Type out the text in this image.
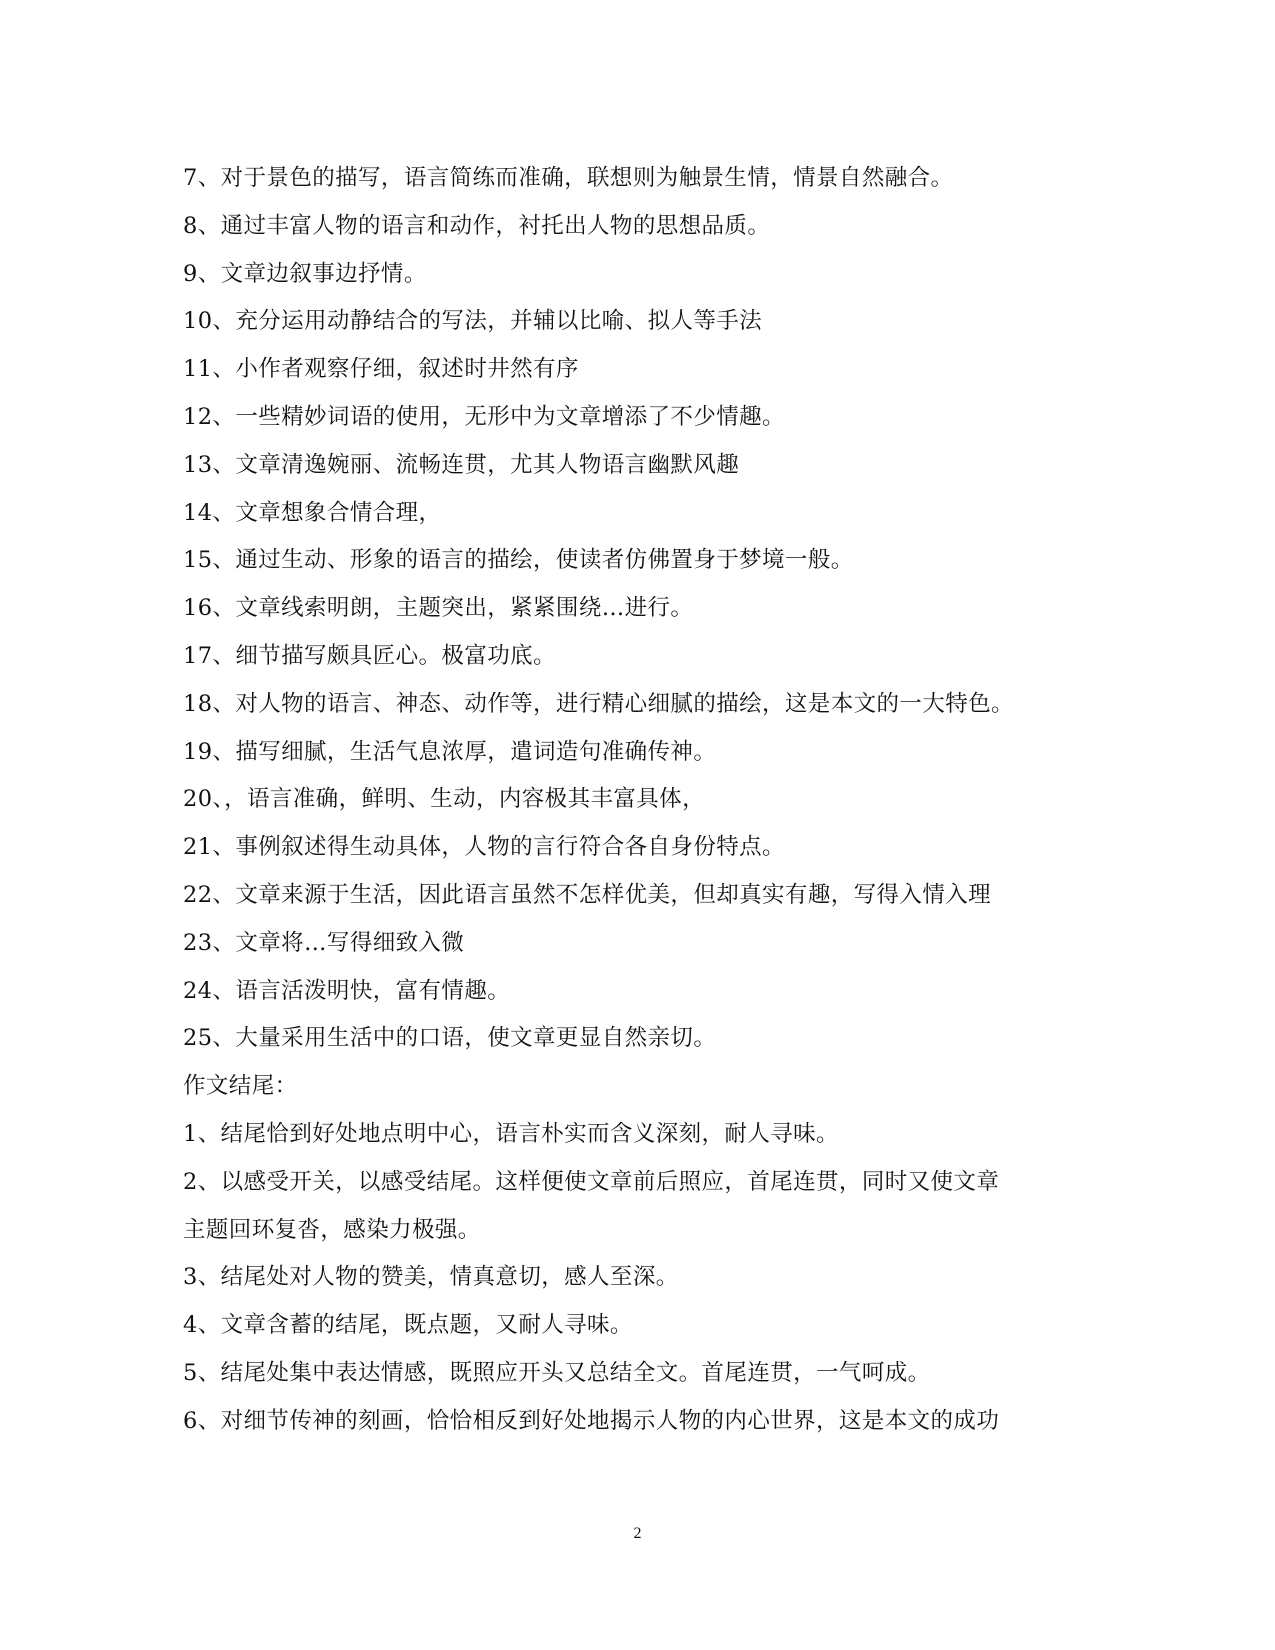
7、对于景色的描写，语言简练而准确，联想则为触景生情，情景自然融合。
8、通过丰富人物的语言和动作，衬托出人物的思想品质。
9、文章边叙事边抒情。
10、充分运用动静结合的写法，并辅以比喻、拟人等手法
11、小作者观察仔细，叙述时井然有序
12、一些精妙词语的使用，无形中为文章增添了不少情趣。
13、文章清逸婉丽、流畅连贯，尤其人物语言幽默风趣
14、文章想象合情合理，
15、通过生动、形象的语言的描绘，使读者仿佛置身于梦境一般。
16、文章线索明朗，主题突出，紧紧围绕…进行。
17、细节描写颇具匠心。极富功底。
18、对人物的语言、神态、动作等，进行精心细腻的描绘，这是本文的一大特色。
19、描写细腻，生活气息浓厚，遣词造句准确传神。
20、，语言准确，鲜明、生动，内容极其丰富具体，
21、事例叙述得生动具体，人物的言行符合各自身份特点。
22、文章来源于生活，因此语言虽然不怎样优美，但却真实有趣，写得入情入理
23、文章将…写得细致入微
24、语言活泼明快，富有情趣。
25、大量采用生活中的口语，使文章更显自然亲切。
作文结尾：
1、结尾恰到好处地点明中心，语言朴实而含义深刻，耐人寻味。
2、以感受开关，以感受结尾。这样便使文章前后照应，首尾连贯，同时又使文章
主题回环复沓，感染力极强。
3、结尾处对人物的赞美，情真意切，感人至深。
4、文章含蓄的结尾，既点题，又耐人寻味。
5、结尾处集中表达情感，既照应开头又总结全文。首尾连贯，一气呵成。
6、对细节传神的刻画，恰恰相反到好处地揭示人物的内心世界，这是本文的成功
2
